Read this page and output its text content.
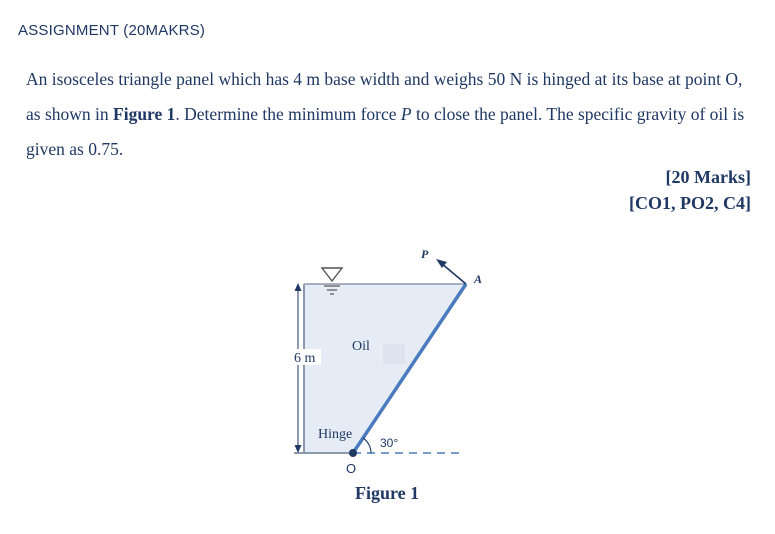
ASSIGNMENT (20MAKRS)

An isosceles triangle panel which has 4 m base width and weighs 50 N is hinged at its base at point O, as shown in Figure 1. Determine the minimum force P to close the panel. The specific gravity of oil is given as 0.75.

[20 Marks]
[CO1, PO2, C4]
P
A
Oil
6 m
Hinge
30°
O
Figure 1
